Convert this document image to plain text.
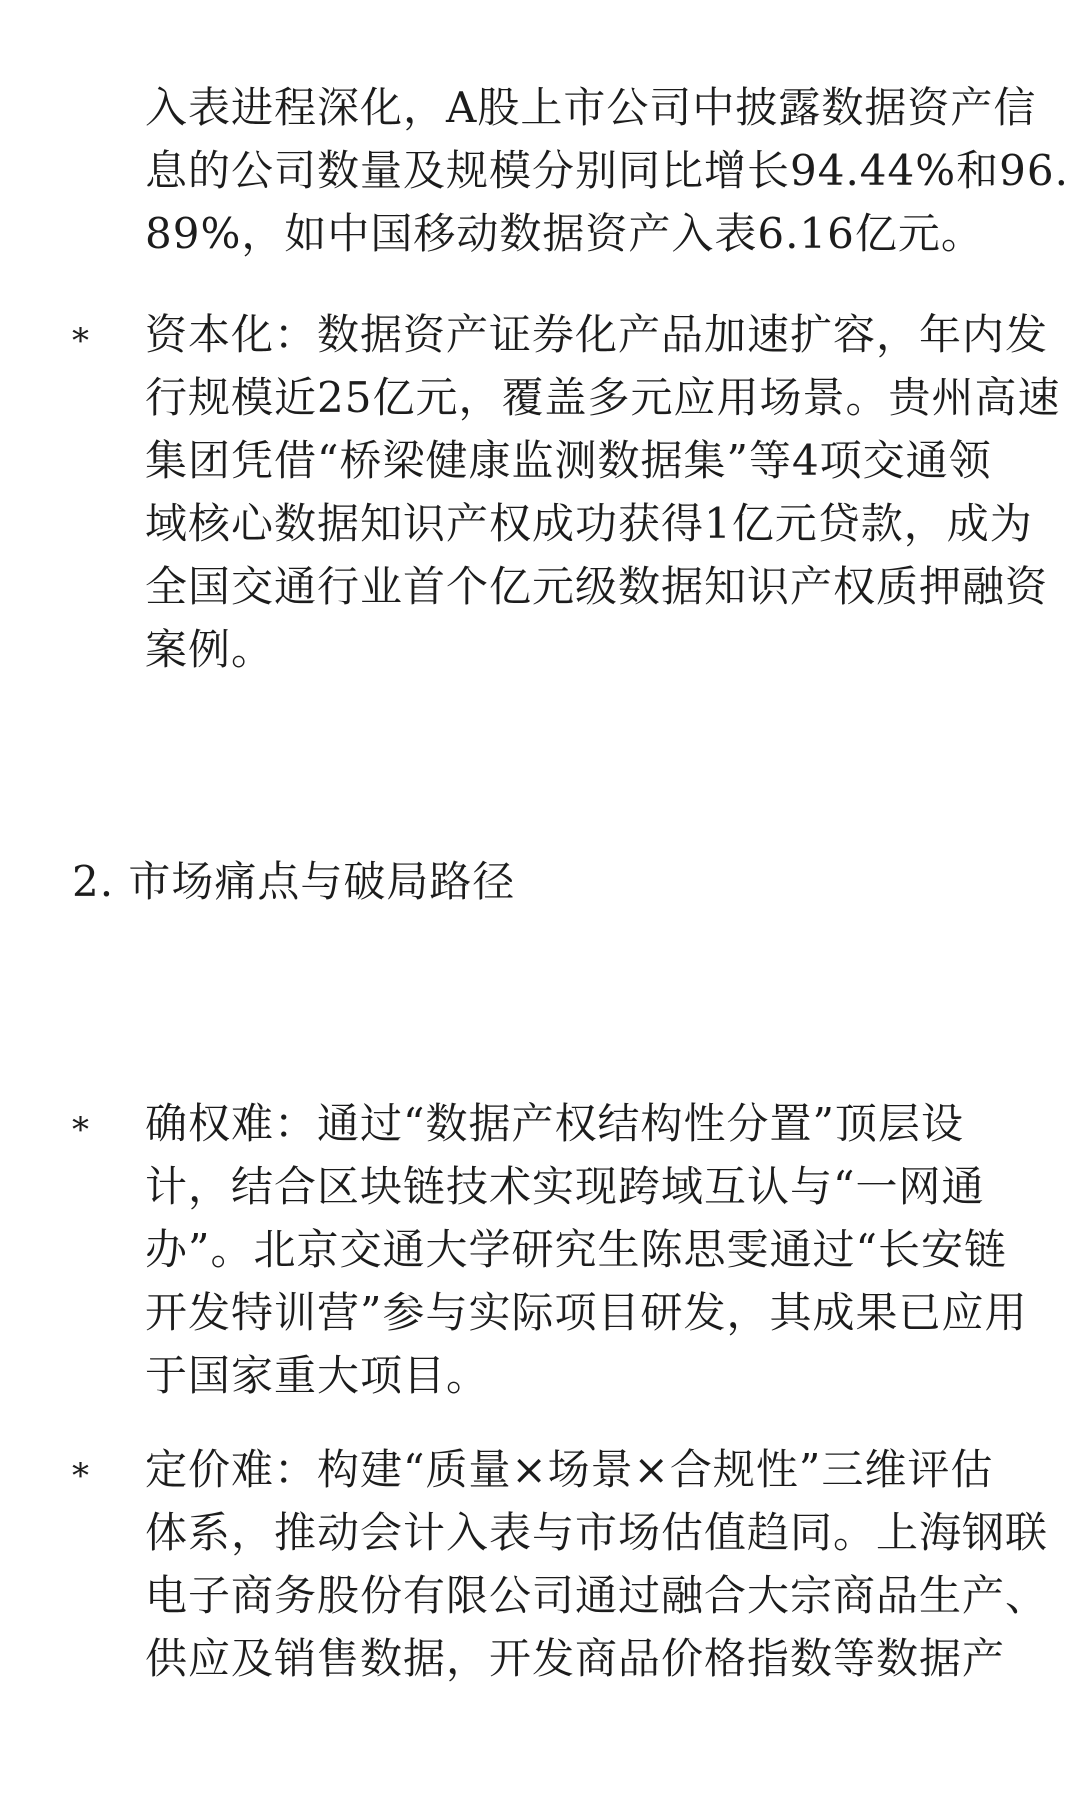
入表进程深化，A股上市公司中披露数据资产信
息的公司数量及规模分别同比增长94.44%和96.
89%，如中国移动数据资产入表6.16亿元。
* 资本化：数据资产证券化产品加速扩容，年内发
行规模近25亿元，覆盖多元应用场景。贵州高速
集团凭借“桥梁健康监测数据集”等4项交通领
域核心数据知识产权成功获得1亿元贷款，成为
全国交通行业首个亿元级数据知识产权质押融资
案例。
2. 市场痛点与破局路径
* 确权难：通过“数据产权结构性分置”顶层设
计，结合区块链技术实现跨域互认与“一网通
办”。北京交通大学研究生陈思雯通过“长安链
开发特训营”参与实际项目研发，其成果已应用
于国家重大项目。
* 定价难：构建“质量×场景×合规性”三维评估
体系，推动会计入表与市场估值趋同。上海钢联
电子商务股份有限公司通过融合大宗商品生产、
供应及销售数据，开发商品价格指数等数据产
